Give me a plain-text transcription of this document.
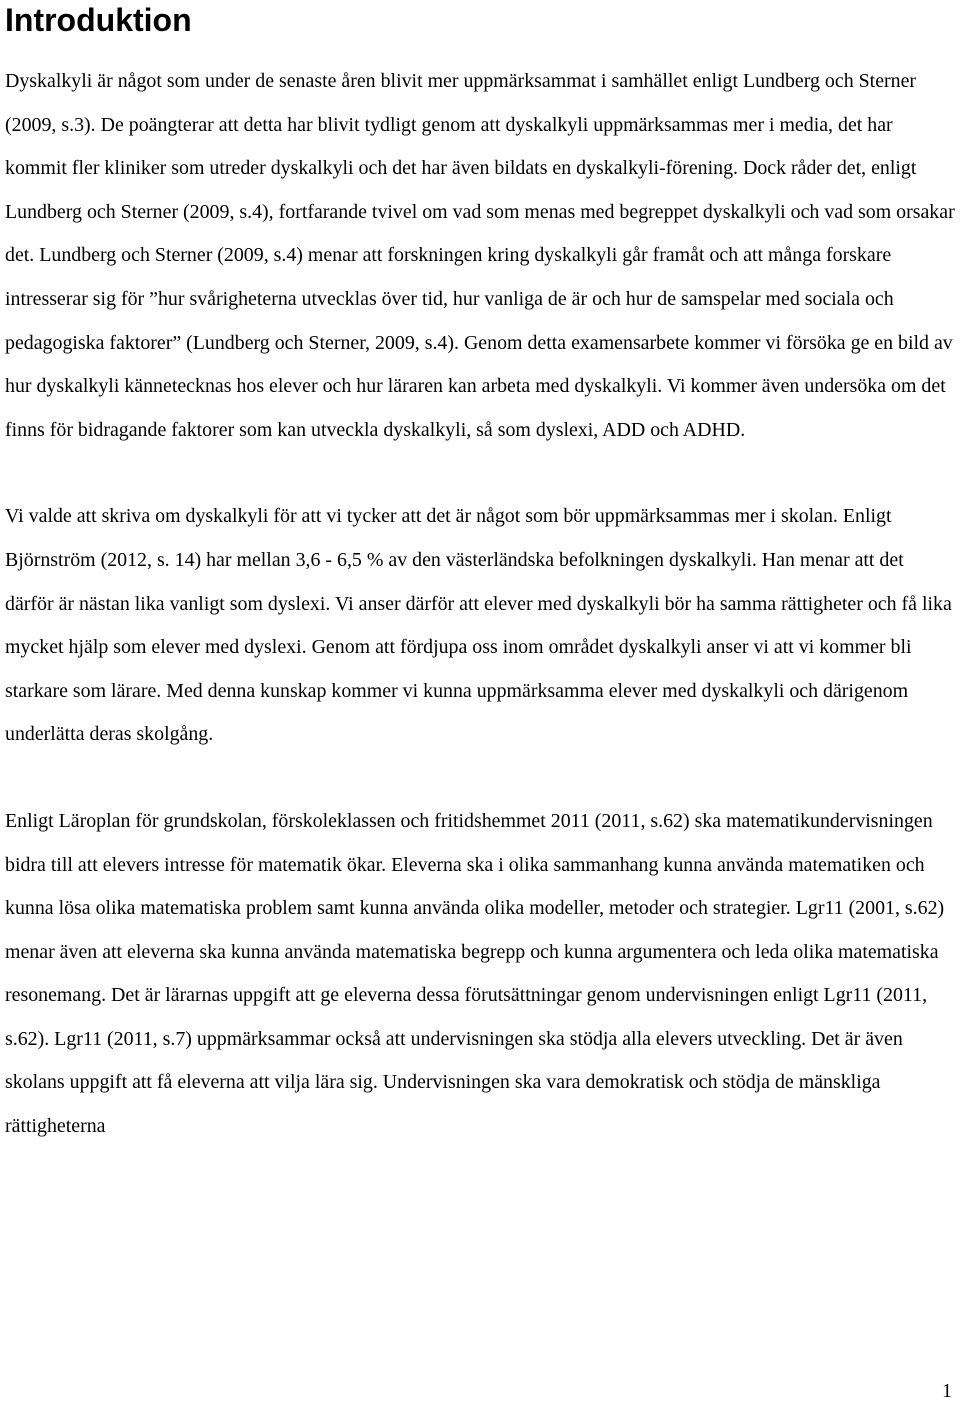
Introduktion

Dyskalkyli är något som under de senaste åren blivit mer uppmärksammat i samhället enligt Lundberg och Sterner (2009, s.3). De poängterar att detta har blivit tydligt genom att dyskalkyli uppmärksammas mer i media, det har kommit fler kliniker som utreder dyskalkyli och det har även bildats en dyskalkyli-förening. Dock råder det, enligt Lundberg och Sterner (2009, s.4), fortfarande tvivel om vad som menas med begreppet dyskalkyli och vad som orsakar det. Lundberg och Sterner (2009, s.4) menar att forskningen kring dyskalkyli går framåt och att många forskare intresserar sig för ”hur svårigheterna utvecklas över tid, hur vanliga de är och hur de samspelar med sociala och pedagogiska faktorer” (Lundberg och Sterner, 2009, s.4). Genom detta examensarbete kommer vi försöka ge en bild av hur dyskalkyli kännetecknas hos elever och hur läraren kan arbeta med dyskalkyli. Vi kommer även undersöka om det finns för bidragande faktorer som kan utveckla dyskalkyli, så som dyslexi, ADD och ADHD.

Vi valde att skriva om dyskalkyli för att vi tycker att det är något som bör uppmärksammas mer i skolan. Enligt Björnström (2012, s. 14) har mellan 3,6 - 6,5 % av den västerländska befolkningen dyskalkyli. Han menar att det därför är nästan lika vanligt som dyslexi. Vi anser därför att elever med dyskalkyli bör ha samma rättigheter och få lika mycket hjälp som elever med dyslexi. Genom att fördjupa oss inom området dyskalkyli anser vi att vi kommer bli starkare som lärare. Med denna kunskap kommer vi kunna uppmärksamma elever med dyskalkyli och därigenom underlätta deras skolgång.

Enligt Läroplan för grundskolan, förskoleklassen och fritidshemmet 2011 (2011, s.62) ska matematikundervisningen bidra till att elevers intresse för matematik ökar. Eleverna ska i olika sammanhang kunna använda matematiken och kunna lösa olika matematiska problem samt kunna använda olika modeller, metoder och strategier. Lgr11 (2001, s.62) menar även att eleverna ska kunna använda matematiska begrepp och kunna argumentera och leda olika matematiska resonemang. Det är lärarnas uppgift att ge eleverna dessa förutsättningar genom undervisningen enligt Lgr11 (2011, s.62). Lgr11 (2011, s.7) uppmärksammar också att undervisningen ska stödja alla elevers utveckling. Det är även skolans uppgift att få eleverna att vilja lära sig. Undervisningen ska vara demokratisk och stödja de mänskliga rättigheterna

1
